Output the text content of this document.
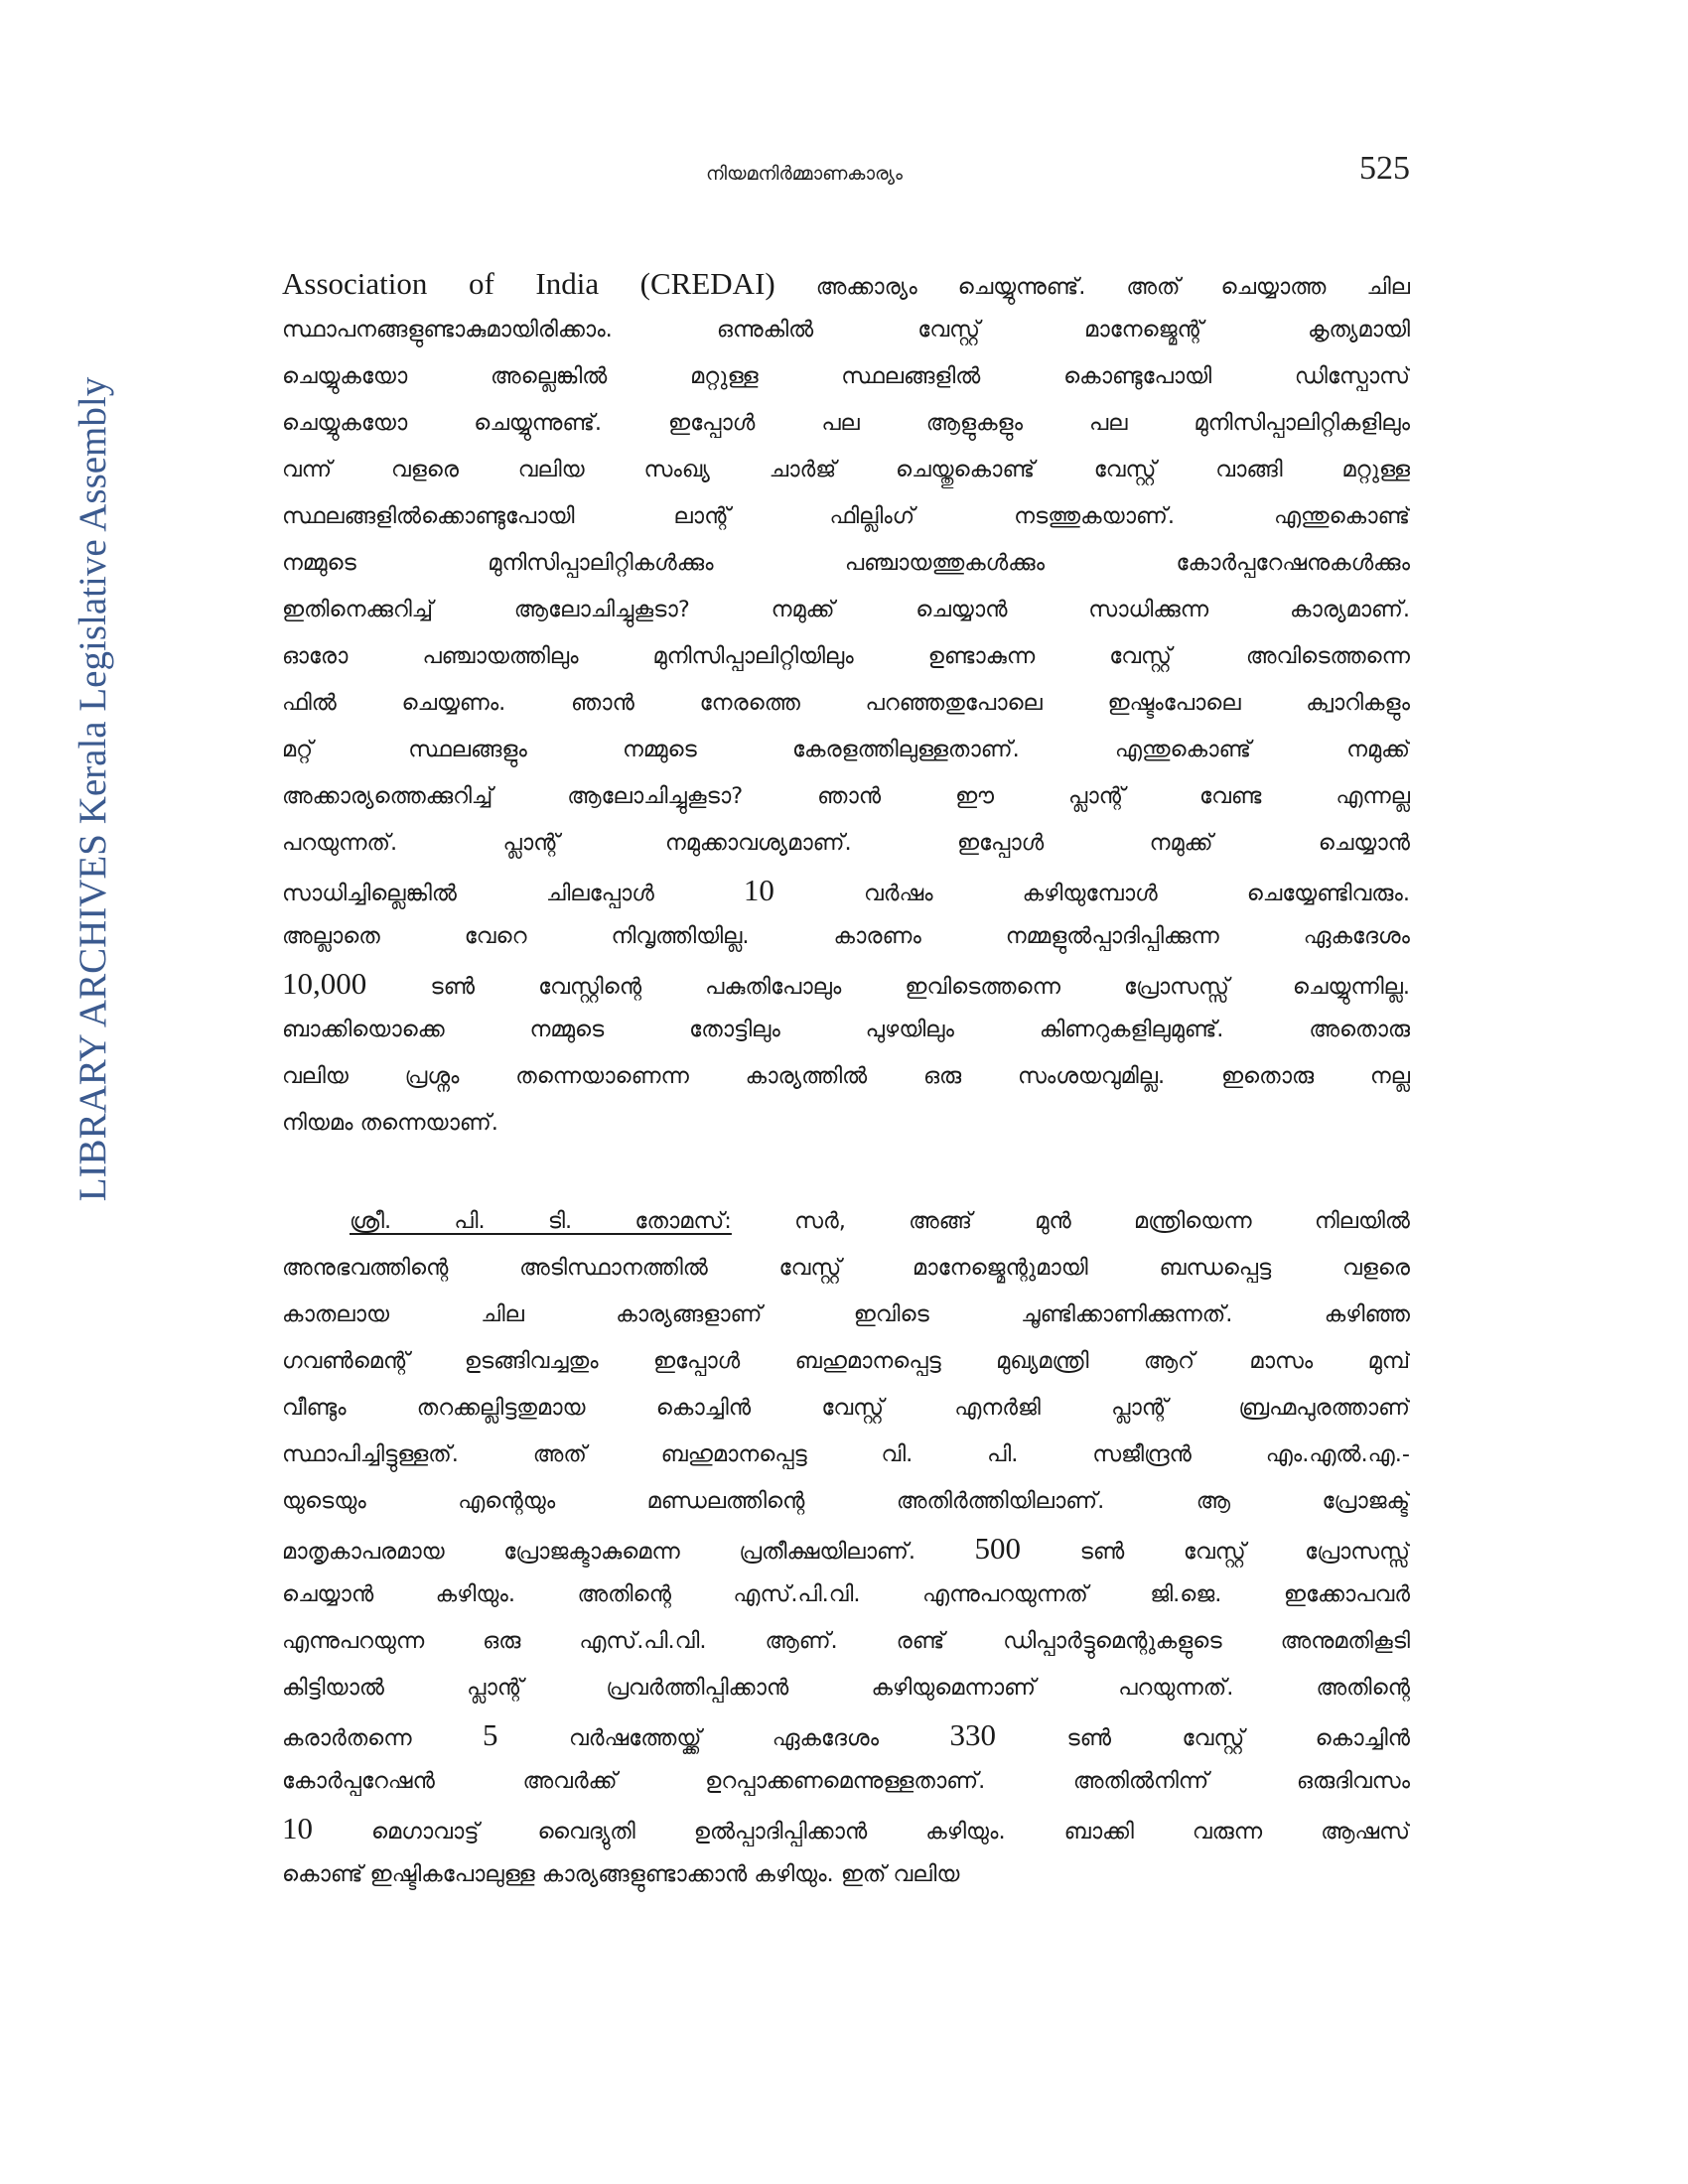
നിയമനിർമ്മാണകാര്യം	525
LIBRARY ARCHIVES Kerala Legislative Assembly
Association of India (CREDAI) അക്കാര്യം ചെയ്യുന്നുണ്ട്. അത് ചെയ്യാത്ത ചില
സ്ഥാപനങ്ങളുണ്ടാകുമായിരിക്കാം. ഒന്നുകിൽ വേസ്റ്റ് മാനേജ്മെന്റ് കൃത്യമായി
ചെയ്യുകയോ അല്ലെങ്കിൽ മറ്റുള്ള സ്ഥലങ്ങളിൽ കൊണ്ടുപോയി ഡിസ്പോസ്
ചെയ്യുകയോ ചെയ്യുന്നുണ്ട്. ഇപ്പോൾ പല ആളുകളും പല മുനിസിപ്പാലിറ്റികളിലും
വന്ന് വളരെ വലിയ സംഖ്യ ചാർജ് ചെയ്തുകൊണ്ട് വേസ്റ്റ് വാങ്ങി മറ്റുള്ള
സ്ഥലങ്ങളിൽക്കൊണ്ടുപോയി ലാന്റ് ഫില്ലിംഗ് നടത്തുകയാണ്. എന്തുകൊണ്ട്
നമ്മുടെ മുനിസിപ്പാലിറ്റികൾക്കും പഞ്ചായത്തുകൾക്കും കോർപ്പറേഷനുകൾക്കും
ഇതിനെക്കുറിച്ച് ആലോചിച്ചുകൂടാ? നമുക്ക് ചെയ്യാൻ സാധിക്കുന്ന കാര്യമാണ്.
ഓരോ പഞ്ചായത്തിലും മുനിസിപ്പാലിറ്റിയിലും ഉണ്ടാകുന്ന വേസ്റ്റ് അവിടെത്തന്നെ
ഫിൽ ചെയ്യണം. ഞാൻ നേരത്തെ പറഞ്ഞതുപോലെ ഇഷ്ടംപോലെ ക്വാറികളും
മറ്റ് സ്ഥലങ്ങളും നമ്മുടെ കേരളത്തിലുള്ളതാണ്. എന്തുകൊണ്ട് നമുക്ക്
അക്കാര്യത്തെക്കുറിച്ച് ആലോചിച്ചുകൂടാ? ഞാൻ ഈ പ്ലാന്റ് വേണ്ട എന്നല്ല
പറയുന്നത്. പ്ലാന്റ് നമുക്കാവശ്യമാണ്. ഇപ്പോൾ നമുക്ക് ചെയ്യാൻ
സാധിച്ചില്ലെങ്കിൽ ചിലപ്പോൾ 10 വർഷം കഴിയുമ്പോൾ ചെയ്യേണ്ടിവരും.
അല്ലാതെ വേറെ നിവൃത്തിയില്ല. കാരണം നമ്മളുൽപ്പാദിപ്പിക്കുന്ന ഏകദേശം
10,000 ടൺ വേസ്റ്റിന്റെ പകുതിപോലും ഇവിടെത്തന്നെ പ്രോസസ്സ് ചെയ്യുന്നില്ല.
ബാക്കിയൊക്കെ നമ്മുടെ തോട്ടിലും പുഴയിലും കിണറുകളിലുമുണ്ട്. അതൊരു
വലിയ പ്രശ്നം തന്നെയാണെന്ന കാര്യത്തിൽ ഒരു സംശയവുമില്ല. ഇതൊരു നല്ല
നിയമം തന്നെയാണ്.
ശ്രീ. പി. ടി. തോമസ്: സർ, അങ്ങ് മുൻ മന്ത്രിയെന്ന നിലയിൽ
അനുഭവത്തിന്റെ അടിസ്ഥാനത്തിൽ വേസ്റ്റ് മാനേജ്മെന്റുമായി ബന്ധപ്പെട്ട വളരെ
കാതലായ ചില കാര്യങ്ങളാണ് ഇവിടെ ചൂണ്ടിക്കാണിക്കുന്നത്. കഴിഞ്ഞ
ഗവൺമെന്റ് ഉടങ്ങിവച്ചതും ഇപ്പോൾ ബഹുമാനപ്പെട്ട മുഖ്യമന്ത്രി ആറ് മാസം മുമ്പ്
വീണ്ടും തറക്കല്ലിട്ടതുമായ കൊച്ചിൻ വേസ്റ്റ് എനർജി പ്ലാന്റ് ബ്രഹ്മപുരത്താണ്
സ്ഥാപിച്ചിട്ടുള്ളത്. അത് ബഹുമാനപ്പെട്ട വി. പി. സജീന്ദ്രൻ എം.എൽ.എ.-
യുടെയും എന്റെയും മണ്ഡലത്തിന്റെ അതിർത്തിയിലാണ്. ആ പ്രോജക്ട്
മാതൃകാപരമായ പ്രോജക്ടാകുമെന്ന പ്രതീക്ഷയിലാണ്. 500 ടൺ വേസ്റ്റ് പ്രോസസ്സ്
ചെയ്യാൻ കഴിയും. അതിന്റെ എസ്.പി.വി. എന്നുപറയുന്നത് ജി.ജെ. ഇക്കോപവർ
എന്നുപറയുന്ന ഒരു എസ്.പി.വി. ആണ്. രണ്ട് ഡിപ്പാർട്ടുമെന്റുകളുടെ അനുമതികൂടി
കിട്ടിയാൽ പ്ലാന്റ് പ്രവർത്തിപ്പിക്കാൻ കഴിയുമെന്നാണ് പറയുന്നത്. അതിന്റെ
കരാർതന്നെ 5 വർഷത്തേയ്ക്ക് ഏകദേശം 330 ടൺ വേസ്റ്റ് കൊച്ചിൻ
കോർപ്പറേഷൻ അവർക്ക് ഉറപ്പാക്കണമെന്നുള്ളതാണ്. അതിൽനിന്ന് ഒരുദിവസം
10 മെഗാവാട്ട് വൈദ്യുതി ഉൽപ്പാദിപ്പിക്കാൻ കഴിയും. ബാക്കി വരുന്ന ആഷസ്
കൊണ്ട് ഇഷ്ടികപോലുള്ള കാര്യങ്ങളുണ്ടാക്കാൻ കഴിയും. ഇത് വലിയ
